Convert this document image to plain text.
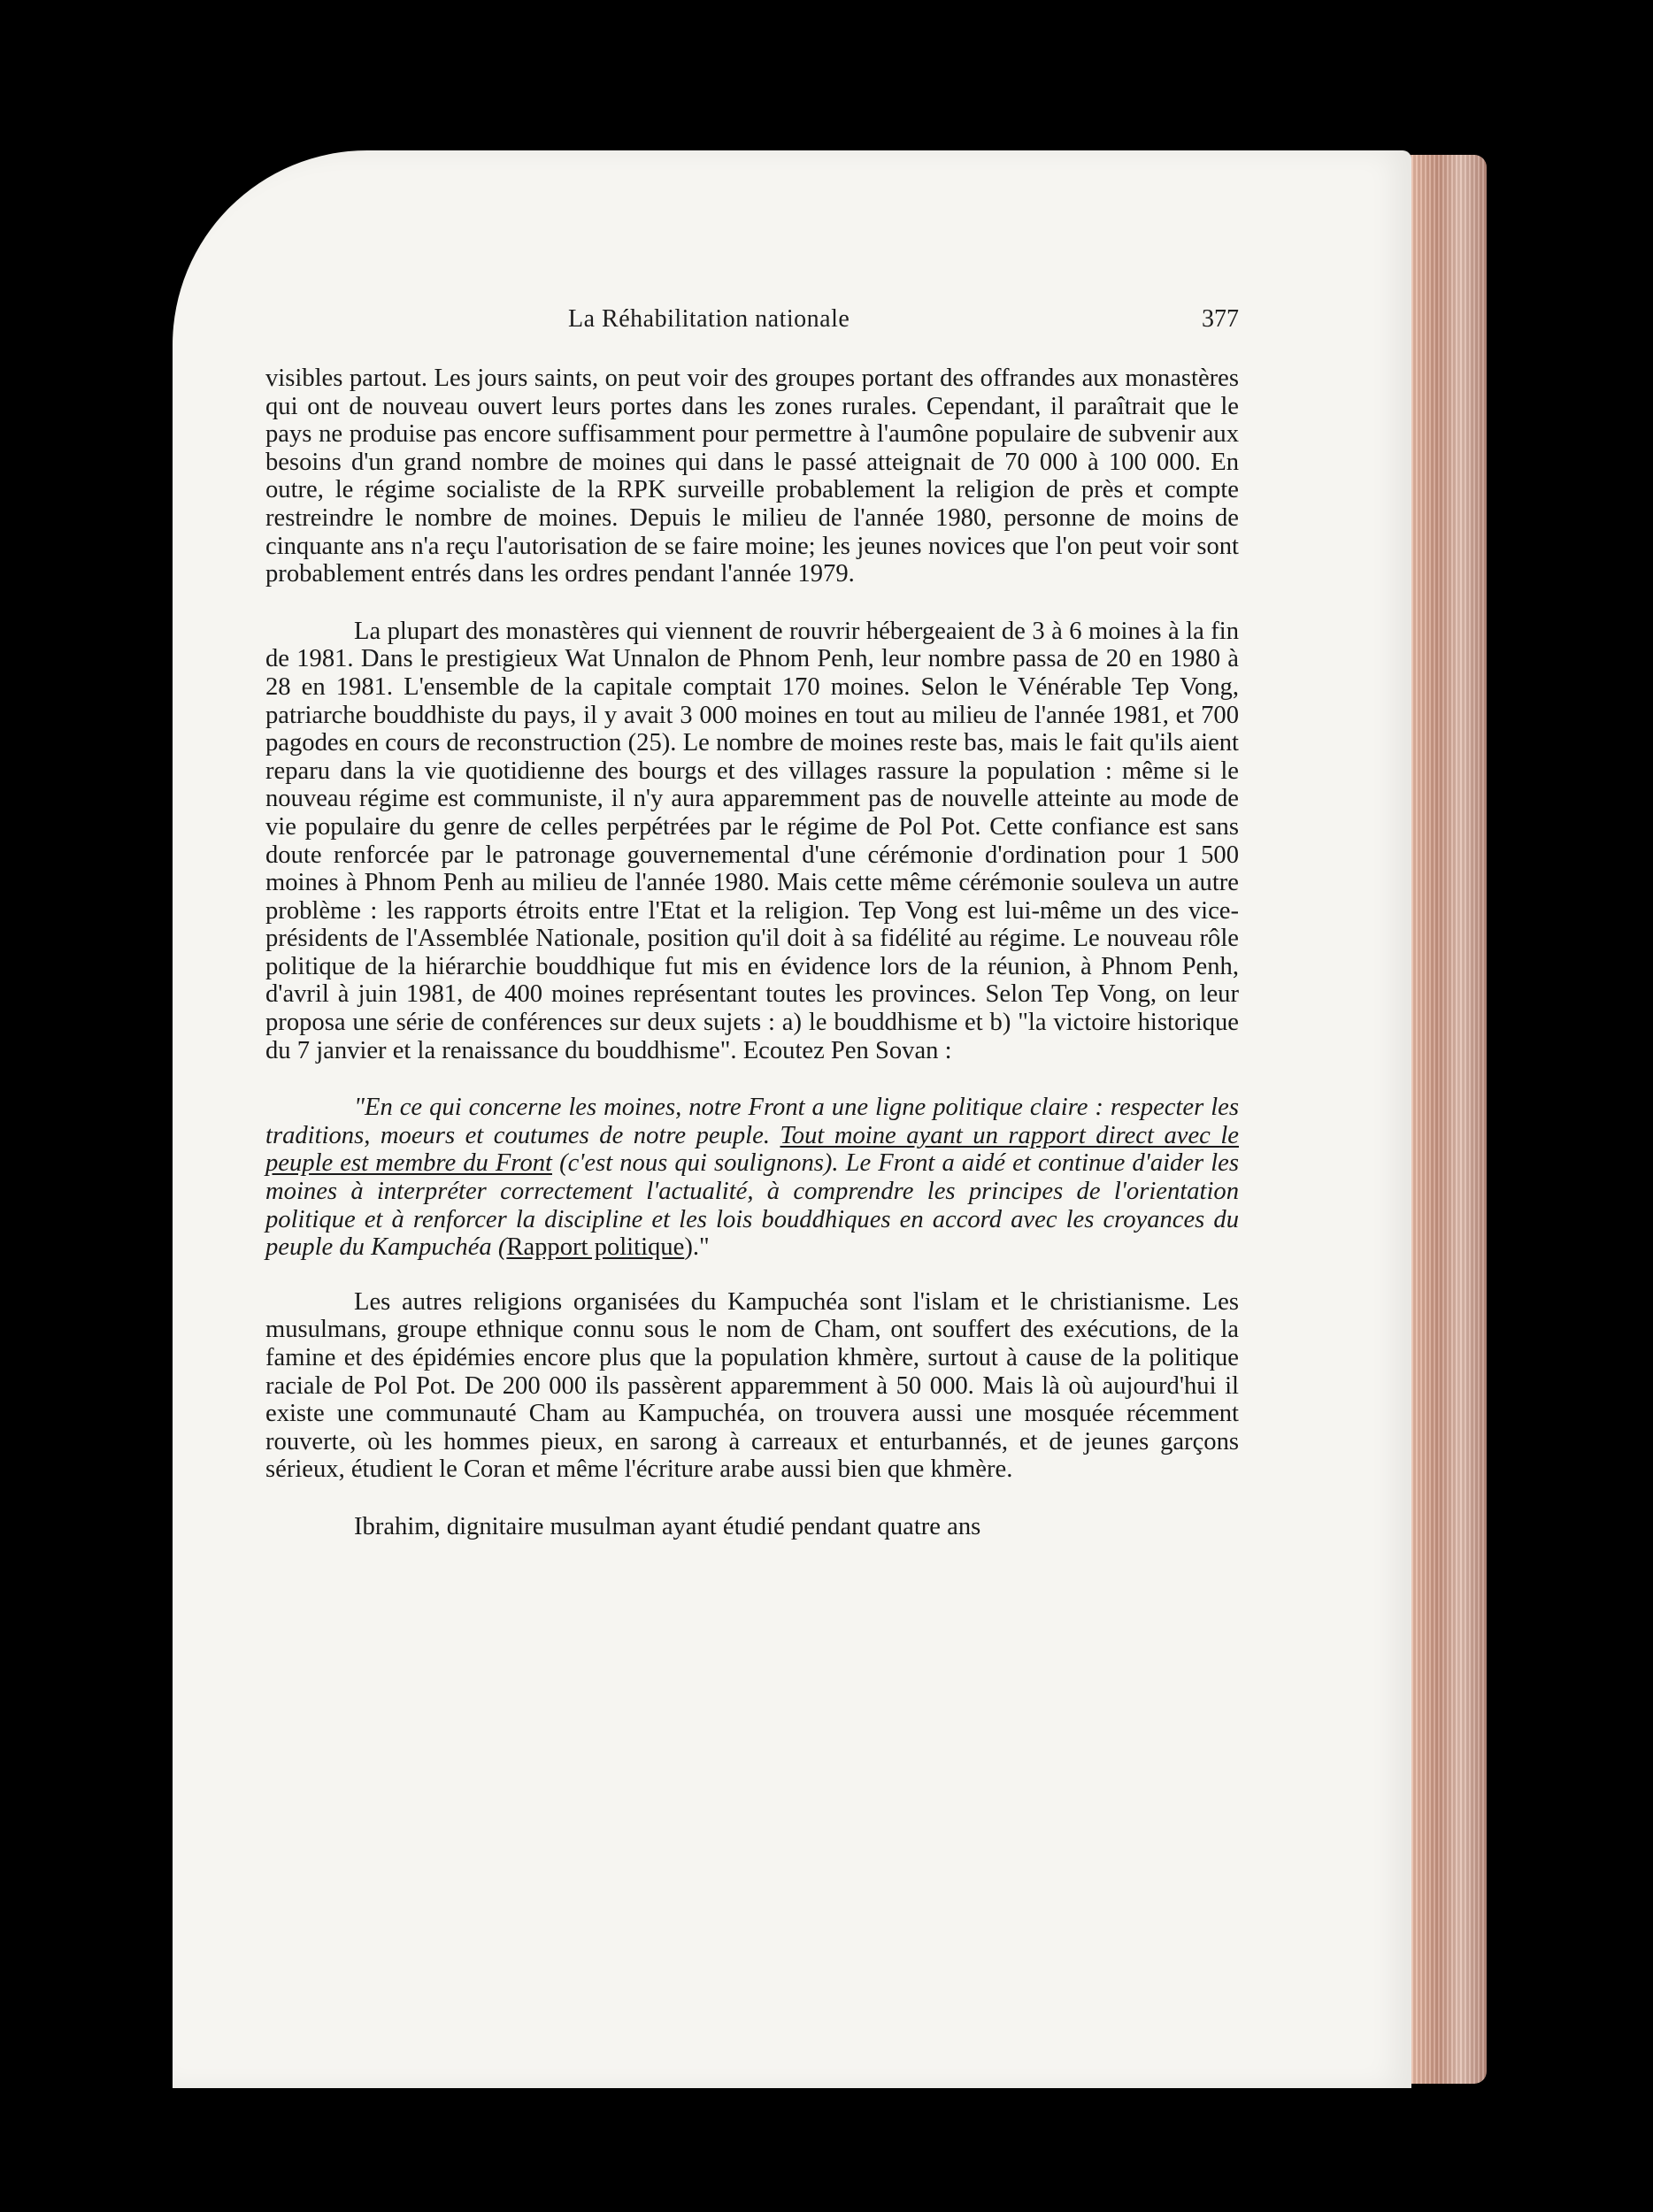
La Réhabilitation nationale	377

visibles partout. Les jours saints, on peut voir des groupes portant des offrandes aux monastères qui ont de nouveau ouvert leurs portes dans les zones rurales. Cependant, il paraîtrait que le pays ne produise pas encore suffisamment pour permettre à l'aumône populaire de subvenir aux besoins d'un grand nombre de moines qui dans le passé atteignait de 70 000 à 100 000. En outre, le régime socialiste de la RPK surveille probablement la religion de près et compte restreindre le nombre de moines. Depuis le milieu de l'année 1980, personne de moins de cinquante ans n'a reçu l'autorisation de se faire moine; les jeunes novices que l'on peut voir sont probablement entrés dans les ordres pendant l'année 1979.

La plupart des monastères qui viennent de rouvrir hébergeaient de 3 à 6 moines à la fin de 1981. Dans le prestigieux Wat Unnalon de Phnom Penh, leur nombre passa de 20 en 1980 à 28 en 1981. L'ensemble de la capitale comptait 170 moines. Selon le Vénérable Tep Vong, patriarche bouddhiste du pays, il y avait 3 000 moines en tout au milieu de l'année 1981, et 700 pagodes en cours de reconstruction (25). Le nombre de moines reste bas, mais le fait qu'ils aient reparu dans la vie quotidienne des bourgs et des villages rassure la population : même si le nouveau régime est communiste, il n'y aura apparemment pas de nouvelle atteinte au mode de vie populaire du genre de celles perpétrées par le régime de Pol Pot. Cette confiance est sans doute renforcée par le patronage gouvernemental d'une cérémonie d'ordination pour 1 500 moines à Phnom Penh au milieu de l'année 1980. Mais cette même cérémonie souleva un autre problème : les rapports étroits entre l'Etat et la religion. Tep Vong est lui-même un des vice-présidents de l'Assemblée Nationale, position qu'il doit à sa fidélité au régime. Le nouveau rôle politique de la hiérarchie bouddhique fut mis en évidence lors de la réunion, à Phnom Penh, d'avril à juin 1981, de 400 moines représentant toutes les provinces. Selon Tep Vong, on leur proposa une série de conférences sur deux sujets : a) le bouddhisme et b) "la victoire historique du 7 janvier et la renaissance du bouddhisme". Ecoutez Pen Sovan :

"En ce qui concerne les moines, notre Front a une ligne politique claire : respecter les traditions, moeurs et coutumes de notre peuple. Tout moine ayant un rapport direct avec le peuple est membre du Front (c'est nous qui soulignons). Le Front a aidé et continue d'aider les moines à interpréter correctement l'actualité, à comprendre les principes de l'orientation politique et à renforcer la discipline et les lois bouddhiques en accord avec les croyances du peuple du Kampuchéa (Rapport politique)."

Les autres religions organisées du Kampuchéa sont l'islam et le christianisme. Les musulmans, groupe ethnique connu sous le nom de Cham, ont souffert des exécutions, de la famine et des épidémies encore plus que la population khmère, surtout à cause de la politique raciale de Pol Pot. De 200 000 ils passèrent apparemment à 50 000. Mais là où aujourd'hui il existe une communauté Cham au Kampuchéa, on trouvera aussi une mosquée récemment rouverte, où les hommes pieux, en sarong à carreaux et enturbannés, et de jeunes garçons sérieux, étudient le Coran et même l'écriture arabe aussi bien que khmère.

Ibrahim, dignitaire musulman ayant étudié pendant quatre ans
